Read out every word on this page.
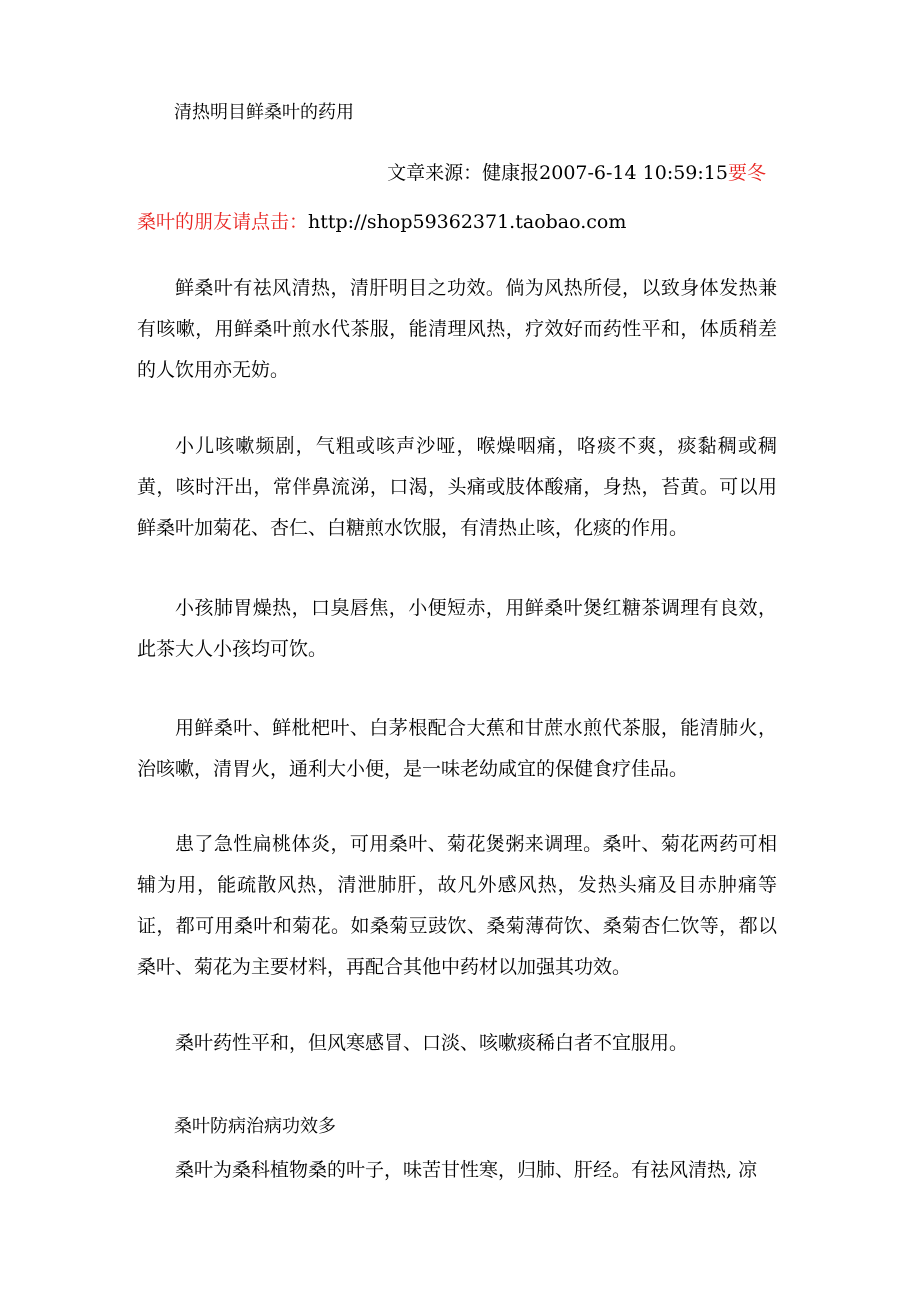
清热明目鲜桑叶的药用
文章来源：健康报2007-6-14 10:59:15要冬
桑叶的朋友请点击：http://shop59362371.taobao.com
鲜桑叶有祛风清热，清肝明目之功效。倘为风热所侵，以致身体发热兼有咳嗽，用鲜桑叶煎水代茶服，能清理风热，疗效好而药性平和，体质稍差的人饮用亦无妨。
小儿咳嗽频剧，气粗或咳声沙哑，喉燥咽痛，咯痰不爽，痰黏稠或稠黄，咳时汗出，常伴鼻流涕，口渴，头痛或肢体酸痛，身热，苔黄。可以用鲜桑叶加菊花、杏仁、白糖煎水饮服，有清热止咳，化痰的作用。
小孩肺胃燥热，口臭唇焦，小便短赤，用鲜桑叶煲红糖茶调理有良效，此茶大人小孩均可饮。
用鲜桑叶、鲜枇杷叶、白茅根配合大蕉和甘蔗水煎代茶服，能清肺火，治咳嗽，清胃火，通利大小便，是一味老幼咸宜的保健食疗佳品。
患了急性扁桃体炎，可用桑叶、菊花煲粥来调理。桑叶、菊花两药可相辅为用，能疏散风热，清泄肺肝，故凡外感风热，发热头痛及目赤肿痛等证，都可用桑叶和菊花。如桑菊豆豉饮、桑菊薄荷饮、桑菊杏仁饮等，都以桑叶、菊花为主要材料，再配合其他中药材以加强其功效。
桑叶药性平和，但风寒感冒、口淡、咳嗽痰稀白者不宜服用。
桑叶防病治病功效多
桑叶为桑科植物桑的叶子，味苦甘性寒，归肺、肝经。有祛风清热, 凉
